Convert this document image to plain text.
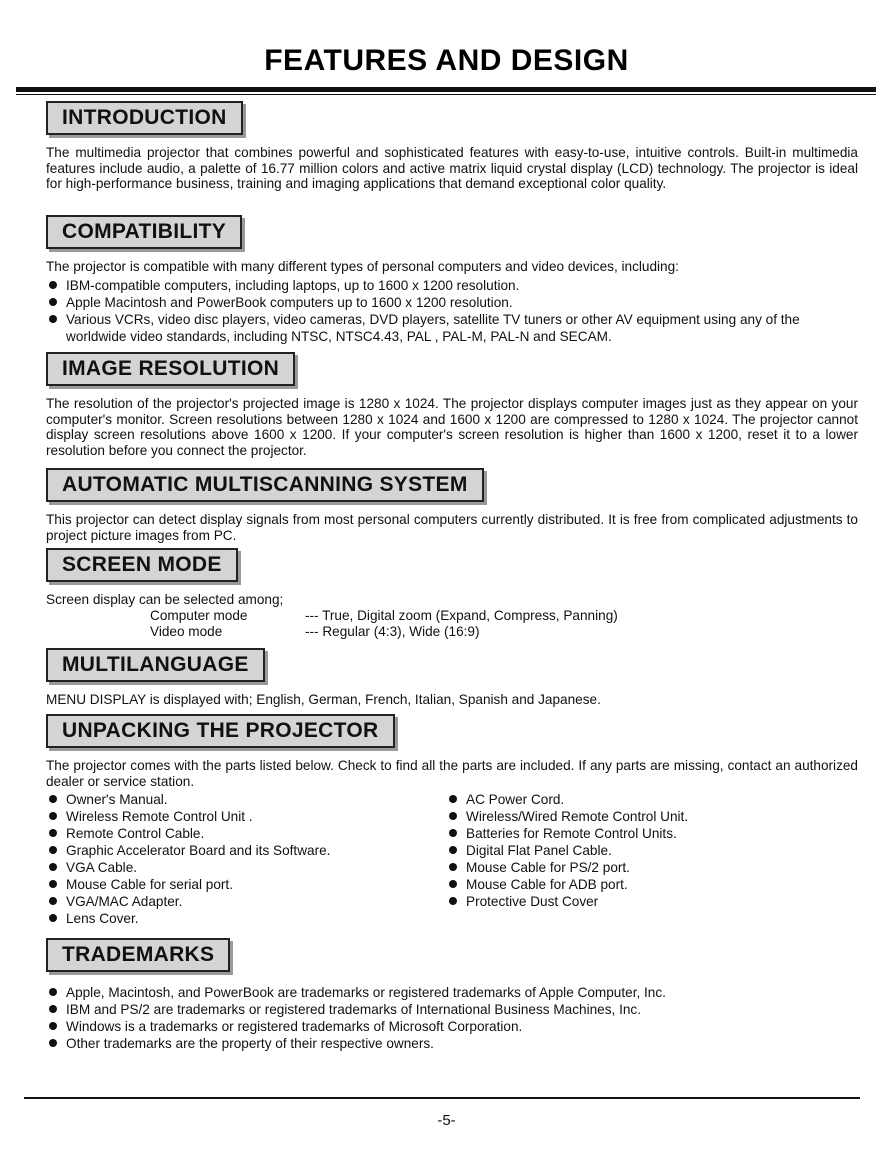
FEATURES AND DESIGN
INTRODUCTION

The multimedia projector that combines powerful and sophisticated features with easy-to-use, intuitive controls. Built-in multimedia features include audio, a palette of 16.77 million colors and active matrix liquid crystal display (LCD) technology. The projector is ideal for high-performance business, training and imaging applications that demand exceptional color quality.

COMPATIBILITY

The projector is compatible with many different types of personal computers and video devices, including:

IBM-compatible computers, including laptops, up to 1600 x 1200 resolution.
Apple Macintosh and PowerBook computers up to 1600 x 1200 resolution.
Various VCRs, video disc players, video cameras, DVD players, satellite TV tuners or other AV equipment using any of the worldwide video standards, including NTSC, NTSC4.43, PAL , PAL-M, PAL-N and SECAM.
IMAGE RESOLUTION

The resolution of the projector's projected image is 1280 x 1024. The projector displays computer images just as they appear on your computer's monitor. Screen resolutions between 1280 x 1024 and 1600 x 1200 are compressed to 1280 x 1024. The projector cannot display screen resolutions above 1600 x 1200. If your computer's screen resolution is higher than 1600 x 1200, reset it to a lower resolution before you connect the projector.

AUTOMATIC MULTISCANNING SYSTEM

This projector can detect display signals from most personal computers currently distributed. It is free from complicated adjustments to project picture images from PC.

SCREEN MODE

Screen display can be selected among;

Computer mode	--- True, Digital zoom (Expand, Compress, Panning)
Video mode	--- Regular (4:3), Wide (16:9)
MULTILANGUAGE

MENU DISPLAY is displayed with; English, German, French, Italian, Spanish and Japanese.

UNPACKING THE PROJECTOR

The projector comes with the parts listed below. Check to find all the parts are included. If any parts are missing, contact an authorized dealer or service station.

Owner's Manual.
Wireless Remote Control Unit .
Remote Control Cable.
Graphic Accelerator Board and its Software.
VGA Cable.
Mouse Cable for serial port.
VGA/MAC Adapter.
Lens Cover.
AC Power Cord.
Wireless/Wired Remote Control Unit.
Batteries for Remote Control Units.
Digital Flat Panel Cable.
Mouse Cable for PS/2 port.
Mouse Cable for ADB port.
Protective Dust Cover
TRADEMARKS
Apple, Macintosh, and PowerBook are trademarks or registered trademarks of Apple Computer, Inc.
IBM and PS/2 are trademarks or registered trademarks of International Business Machines, Inc.
Windows is a trademarks or registered trademarks of Microsoft Corporation.
Other trademarks are the property of their respective owners.
-5-
